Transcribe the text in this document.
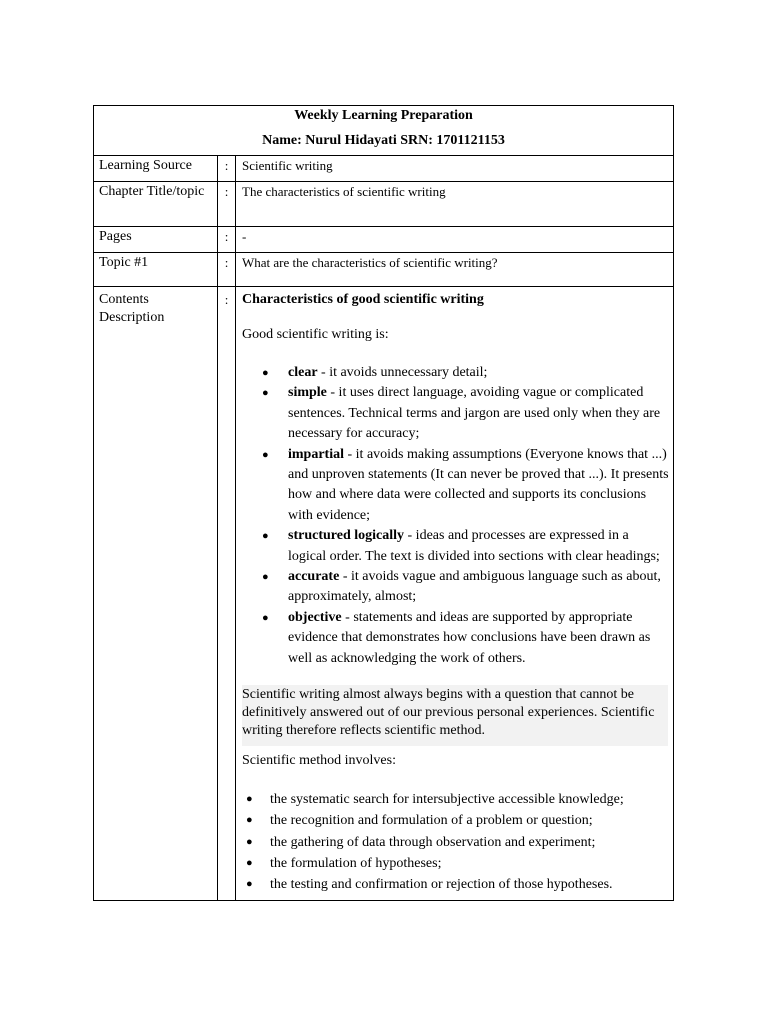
Weekly Learning Preparation
Name: Nurul Hidayati SRN: 1701121153
Learning Source	:	Scientific writing
Chapter Title/topic	:	The characteristics of scientific writing
Pages	:	-
Topic #1	:	What are the characteristics of scientific writing?
Contents Description
: Characteristics of good scientific writing
Good scientific writing is:
● clear - it avoids unnecessary detail;
● simple - it uses direct language, avoiding vague or complicated sentences. Technical terms and jargon are used only when they are necessary for accuracy;
● impartial - it avoids making assumptions (Everyone knows that ...) and unproven statements (It can never be proved that ...). It presents how and where data were collected and supports its conclusions with evidence;
● structured logically - ideas and processes are expressed in a logical order. The text is divided into sections with clear headings;
● accurate - it avoids vague and ambiguous language such as about, approximately, almost;
● objective - statements and ideas are supported by appropriate evidence that demonstrates how conclusions have been drawn as well as acknowledging the work of others.
Scientific writing almost always begins with a question that cannot be definitively answered out of our previous personal experiences. Scientific writing therefore reflects scientific method.
Scientific method involves:
● the systematic search for intersubjective accessible knowledge;
● the recognition and formulation of a problem or question;
● the gathering of data through observation and experiment;
● the formulation of hypotheses;
● the testing and confirmation or rejection of those hypotheses.
